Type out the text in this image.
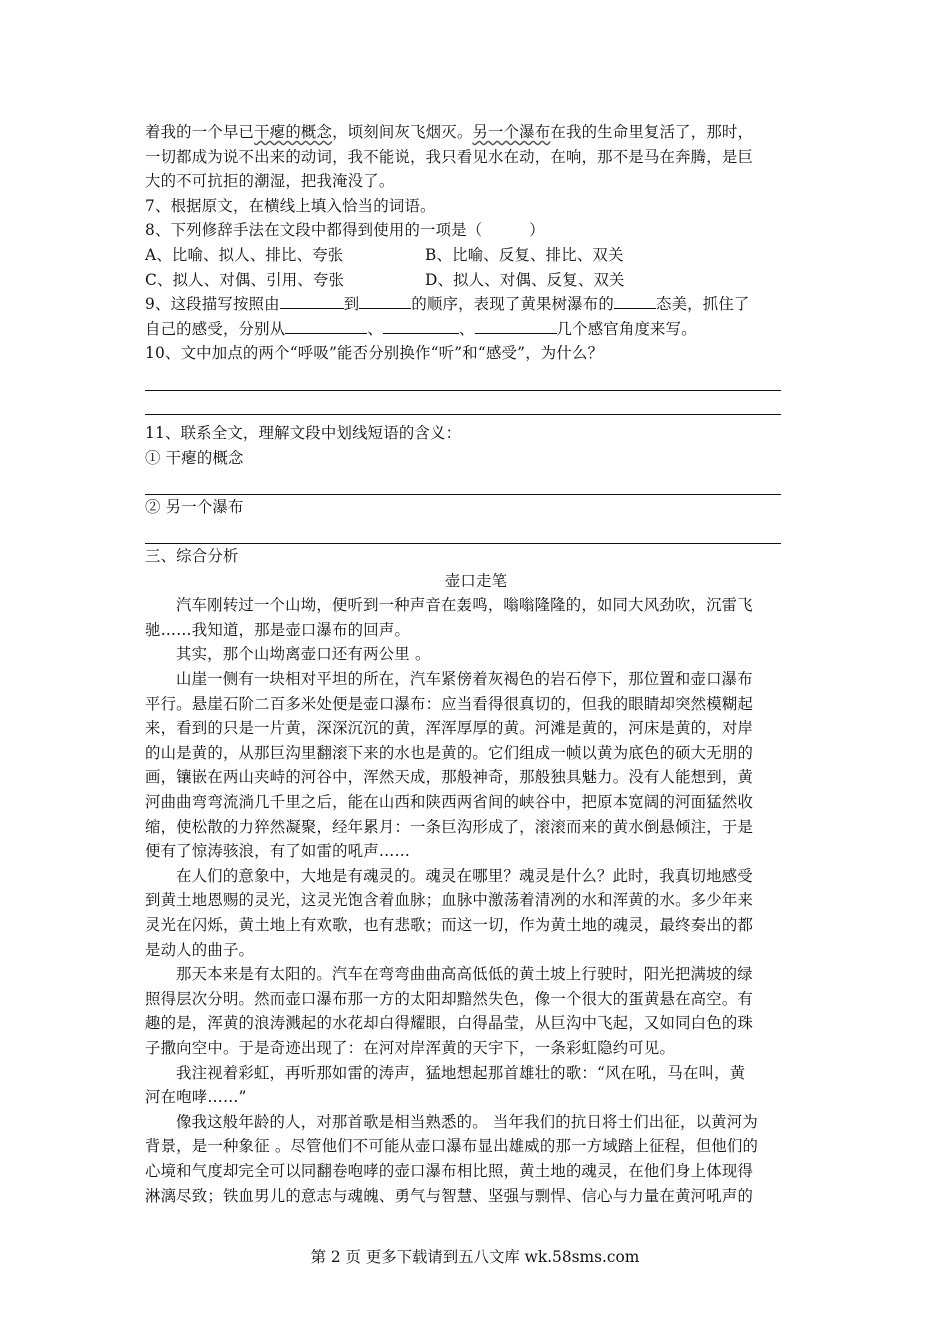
着我的一个早已干瘪的概念，顷刻间灰飞烟灭。另一个瀑布在我的生命里复活了，那时，
一切都成为说不出来的动词，我不能说，我只看见水在动，在响，那不是马在奔腾，是巨
大的不可抗拒的潮湿，把我淹没了。
7、根据原文，在横线上填入恰当的词语。
8、下列修辞手法在文段中都得到使用的一项是（　　　）
A、比喻、拟人、排比、夸张	B、比喻、反复、排比、双关
C、拟人、对偶、引用、夸张	D、拟人、对偶、反复、双关
9、这段描写按照由	到	的顺序，表现了黄果树瀑布的	态美，抓住了
自己的感受，分别从	、	、	几个感官角度来写。
10、文中加点的两个“呼吸”能否分别换作“听”和“感受”，为什么？
11、联系全文，理解文段中划线短语的含义：
① 干瘪的概念
② 另一个瀑布
三、综合分析
壶口走笔
汽车刚转过一个山坳，便听到一种声音在轰鸣，嗡嗡隆隆的，如同大风劲吹，沉雷飞
驰……我知道，那是壶口瀑布的回声。
其实，那个山坳离壶口还有两公里 。
山崖一侧有一块相对平坦的所在，汽车紧傍着灰褐色的岩石停下，那位置和壶口瀑布
平行。悬崖石阶二百多米处便是壶口瀑布：应当看得很真切的，但我的眼睛却突然模糊起
来，看到的只是一片黄，深深沉沉的黄，浑浑厚厚的黄。河滩是黄的，河床是黄的，对岸
的山是黄的，从那巨沟里翻滚下来的水也是黄的。它们组成一帧以黄为底色的硕大无朋的
画，镶嵌在两山夹峙的河谷中，浑然天成，那般神奇，那般独具魅力。没有人能想到，黄
河曲曲弯弯流淌几千里之后，能在山西和陕西两省间的峡谷中，把原本宽阔的河面猛然收
缩，使松散的力猝然凝聚，经年累月：一条巨沟形成了，滚滚而来的黄水倒悬倾注，于是
便有了惊涛骇浪，有了如雷的吼声……
在人们的意象中，大地是有魂灵的。魂灵在哪里？魂灵是什么？此时，我真切地感受
到黄土地恩赐的灵光，这灵光饱含着血脉；血脉中激荡着清冽的水和浑黄的水。多少年来
灵光在闪烁，黄土地上有欢歌，也有悲歌；而这一切，作为黄土地的魂灵，最终奏出的都
是动人的曲子。
那天本来是有太阳的。汽车在弯弯曲曲高高低低的黄土坡上行驶时，阳光把满坡的绿
照得层次分明。然而壶口瀑布那一方的太阳却黯然失色，像一个很大的蛋黄悬在高空。有
趣的是，浑黄的浪涛溅起的水花却白得耀眼，白得晶莹，从巨沟中飞起，又如同白色的珠
子撒向空中。于是奇迹出现了：在河对岸浑黄的天宇下，一条彩虹隐约可见。
我注视着彩虹，再听那如雷的涛声，猛地想起那首雄壮的歌：“风在吼，马在叫，黄
河在咆哮……”
像我这般年龄的人，对那首歌是相当熟悉的。 当年我们的抗日将士们出征，以黄河为
背景，是一种象征 。尽管他们不可能从壶口瀑布显出雄威的那一方域踏上征程，但他们的
心境和气度却完全可以同翻卷咆哮的壶口瀑布相比照，黄土地的魂灵，在他们身上体现得
淋漓尽致；铁血男儿的意志与魂魄、勇气与智慧、坚强与剽悍、信心与力量在黄河吼声的
第 2 页 更多下载请到五八文库 wk.58sms.com
